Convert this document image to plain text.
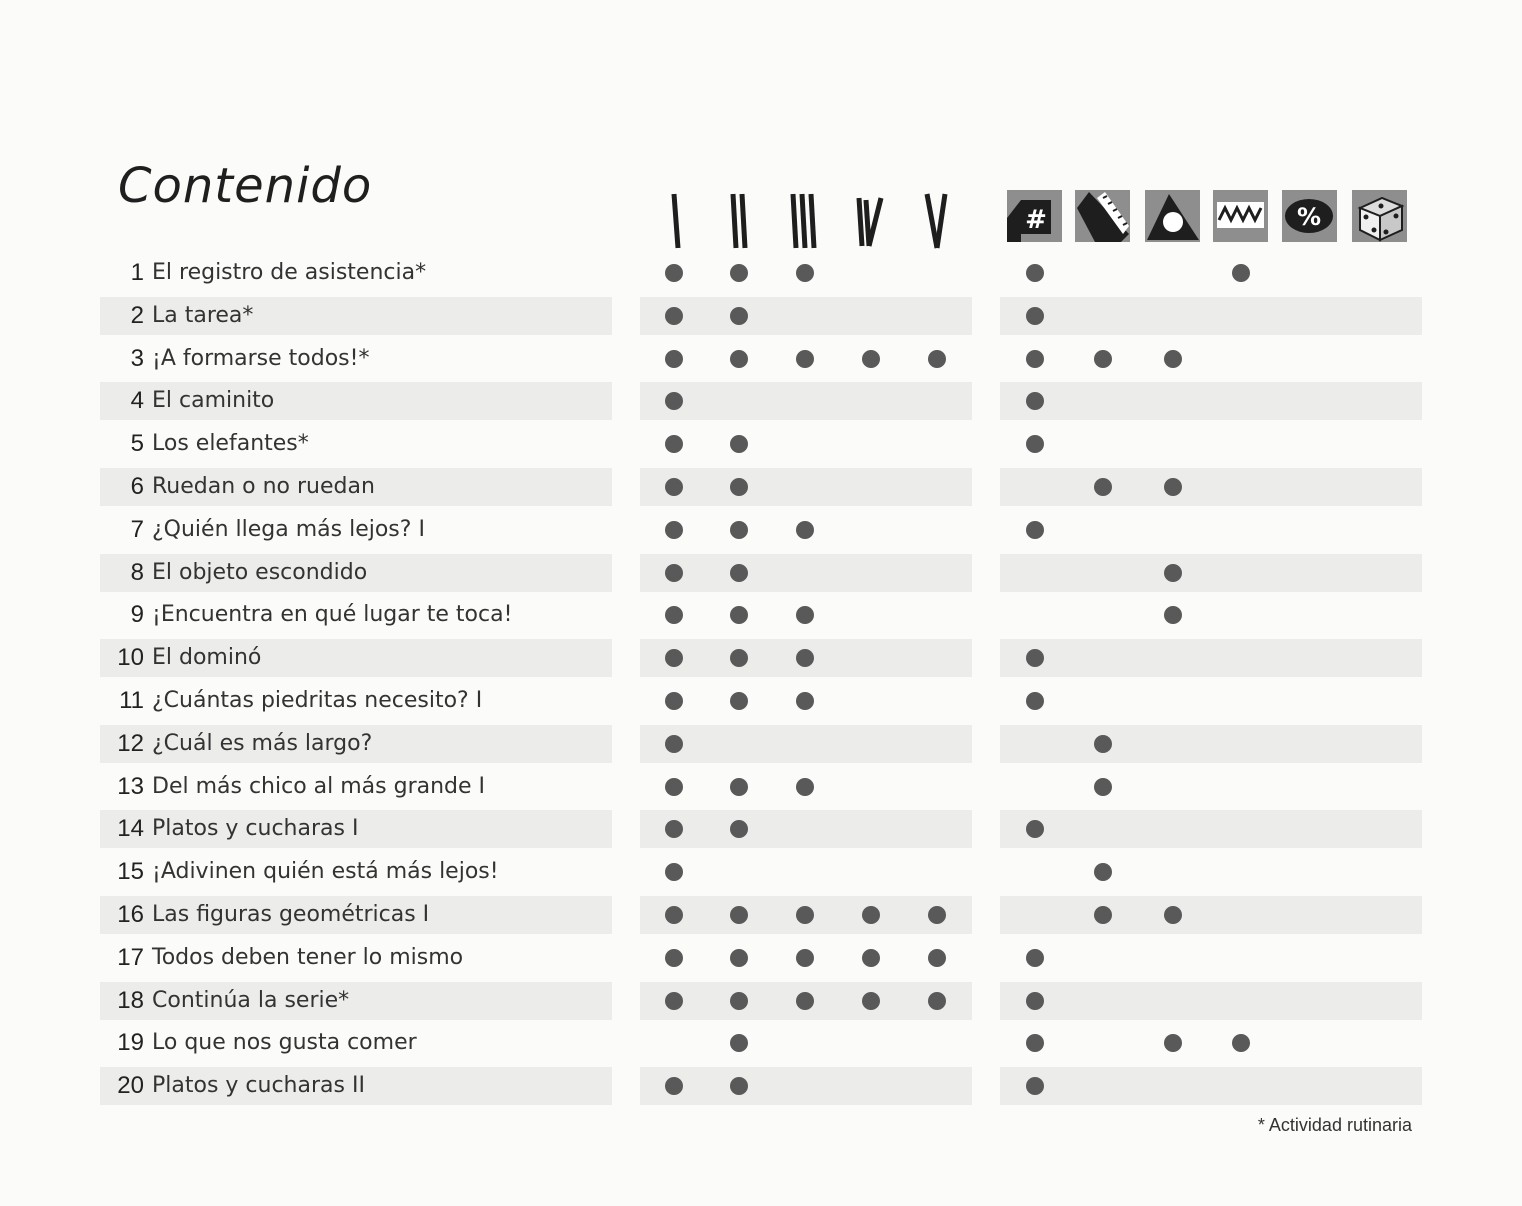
Contenido
#	%
1 El registro de asistencia*
2 La tarea*
3 ¡A formarse todos!*
4 El caminito
5 Los elefantes*
6 Ruedan o no ruedan
7 ¿Quién llega más lejos? I
8 El objeto escondido
9 ¡Encuentra en qué lugar te toca!
10 El dominó
11 ¿Cuántas piedritas necesito? I
12 ¿Cuál es más largo?
13 Del más chico al más grande I
14 Platos y cucharas I
15 ¡Adivinen quién está más lejos!
16 Las figuras geométricas I
17 Todos deben tener lo mismo
18 Continúa la serie*
19 Lo que nos gusta comer
20 Platos y cucharas II
* Actividad rutinaria
